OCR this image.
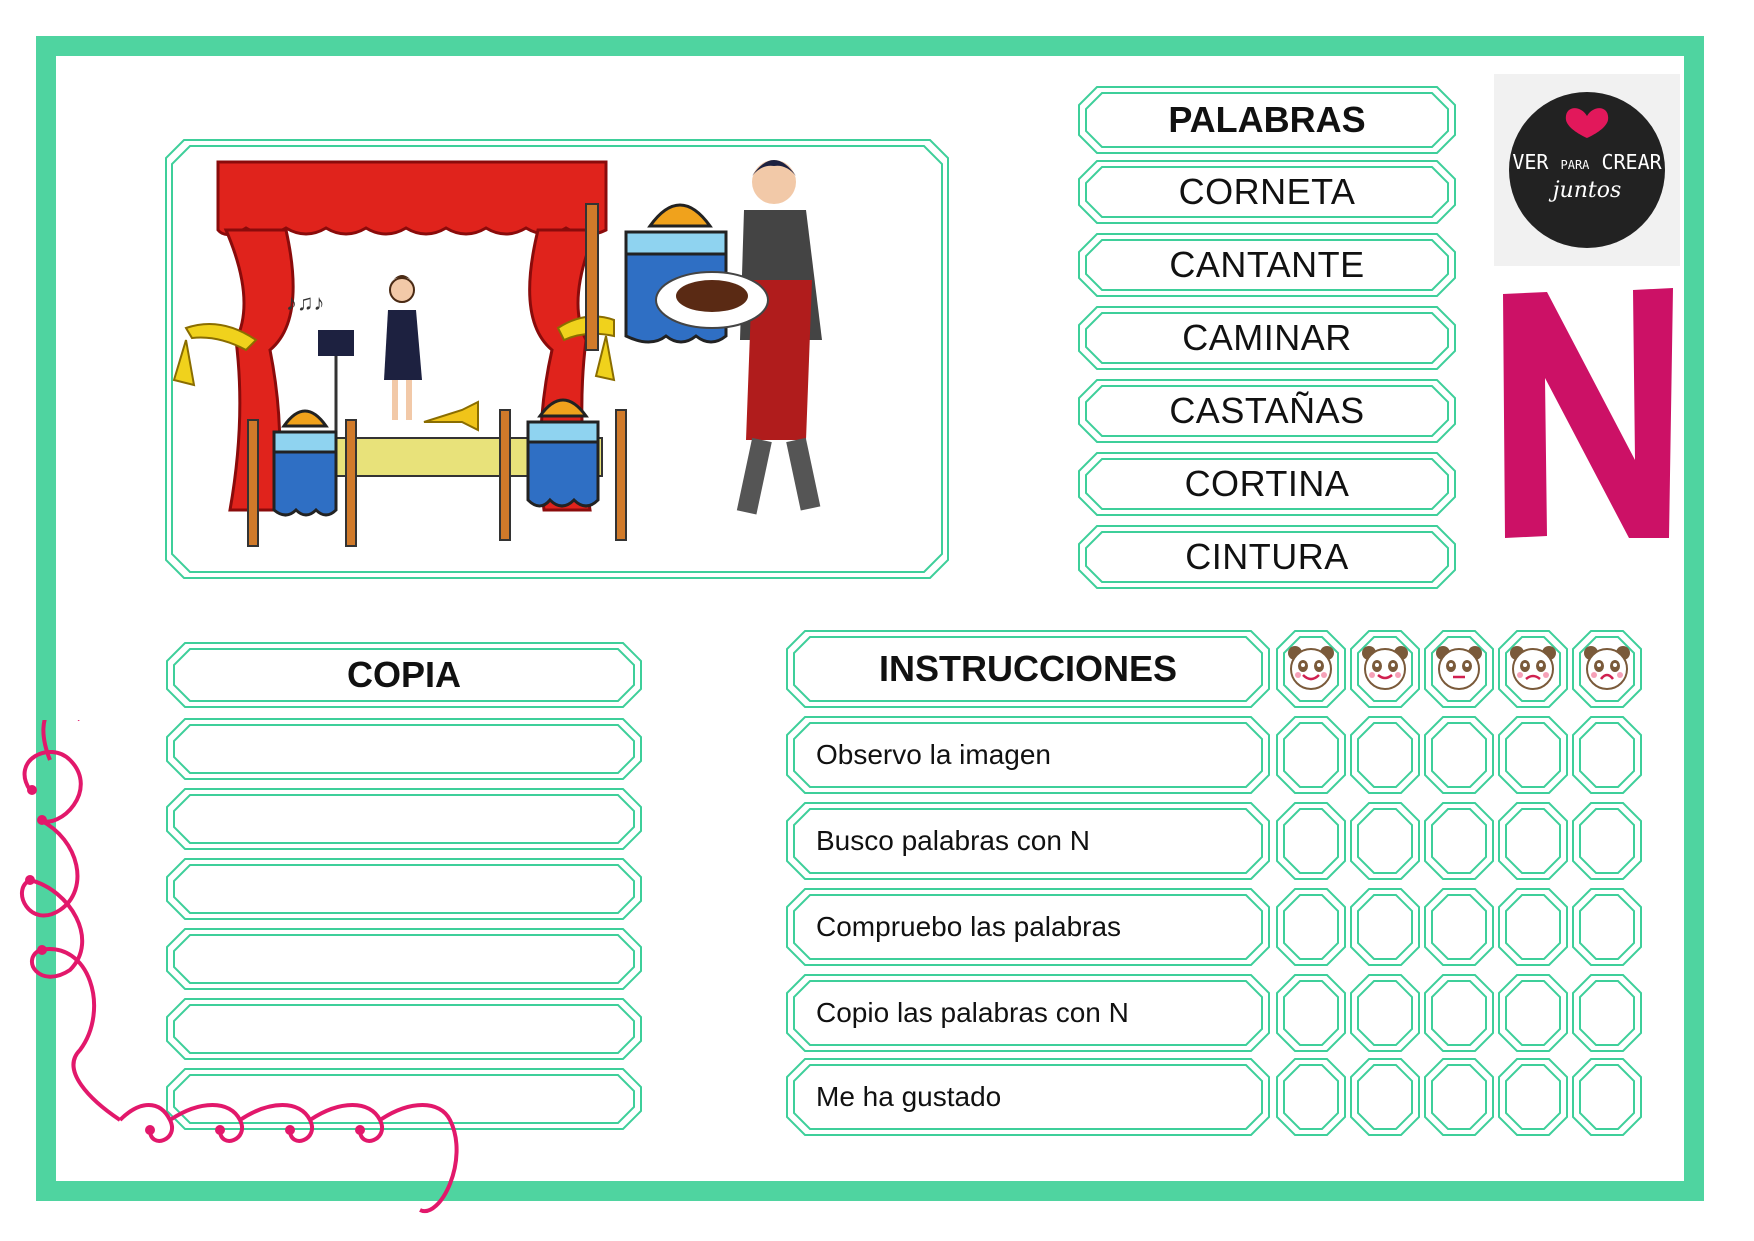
♪♫♪
PALABRAS
CORNETA
CANTANTE
CAMINAR
CASTAÑAS
CORTINA
CINTURA
VER PARA CREAR
juntos
COPIA	INSTRUCCIONES
Observo la imagen
Busco palabras con N
Compruebo las palabras
Copio las palabras con N
Me ha gustado
